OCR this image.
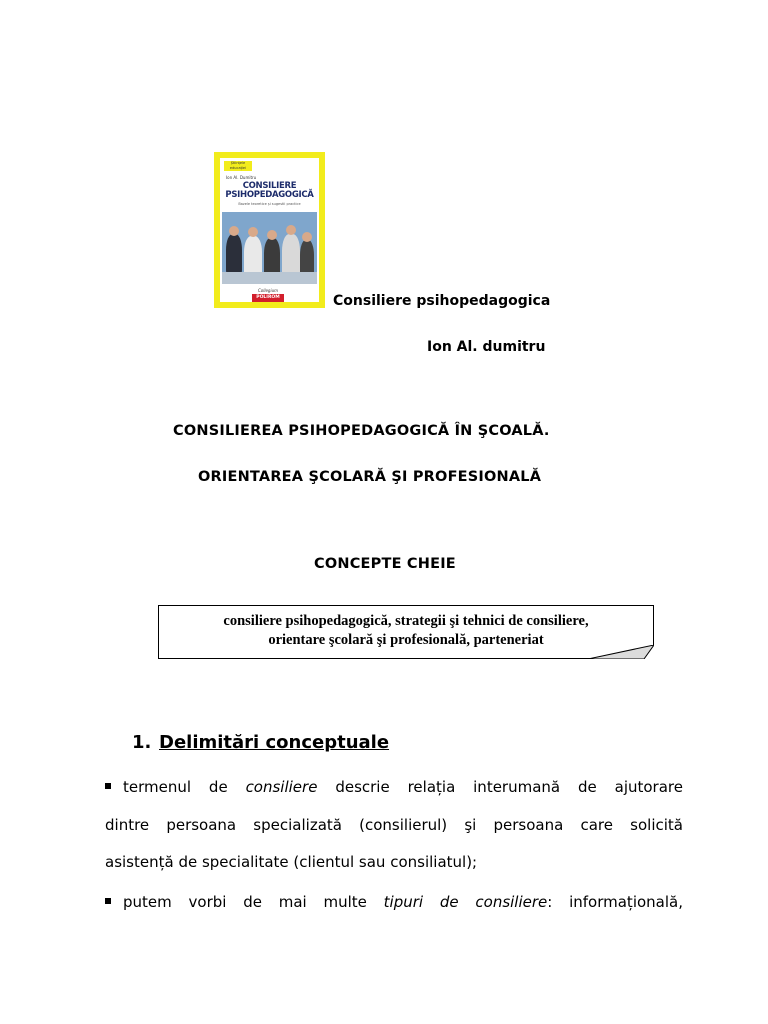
Științele educației
Ion Al. Dumitru
CONSILIERE
PSIHOPEDAGOGICĂ
Bazele teoretice și sugestii practice
Collegium
POLIROM	Consiliere psihopedagogica
Ion Al. dumitru
CONSILIEREA PSIHOPEDAGOGICĂ ÎN ŞCOALĂ.
ORIENTAREA ŞCOLARĂ ŞI PROFESIONALĂ
CONCEPTE CHEIE
consiliere psihopedagogică, strategii şi tehnici de consiliere,
orientare şcolară şi profesională, parteneriat
1. Delimitări conceptuale
termenul de consiliere descrie relația interumană de ajutorare
dintre persoana specializată (consilierul) şi persoana care solicită
asistență de specialitate (clientul sau consiliatul);
putem vorbi de mai multe tipuri de consiliere: informațională,
